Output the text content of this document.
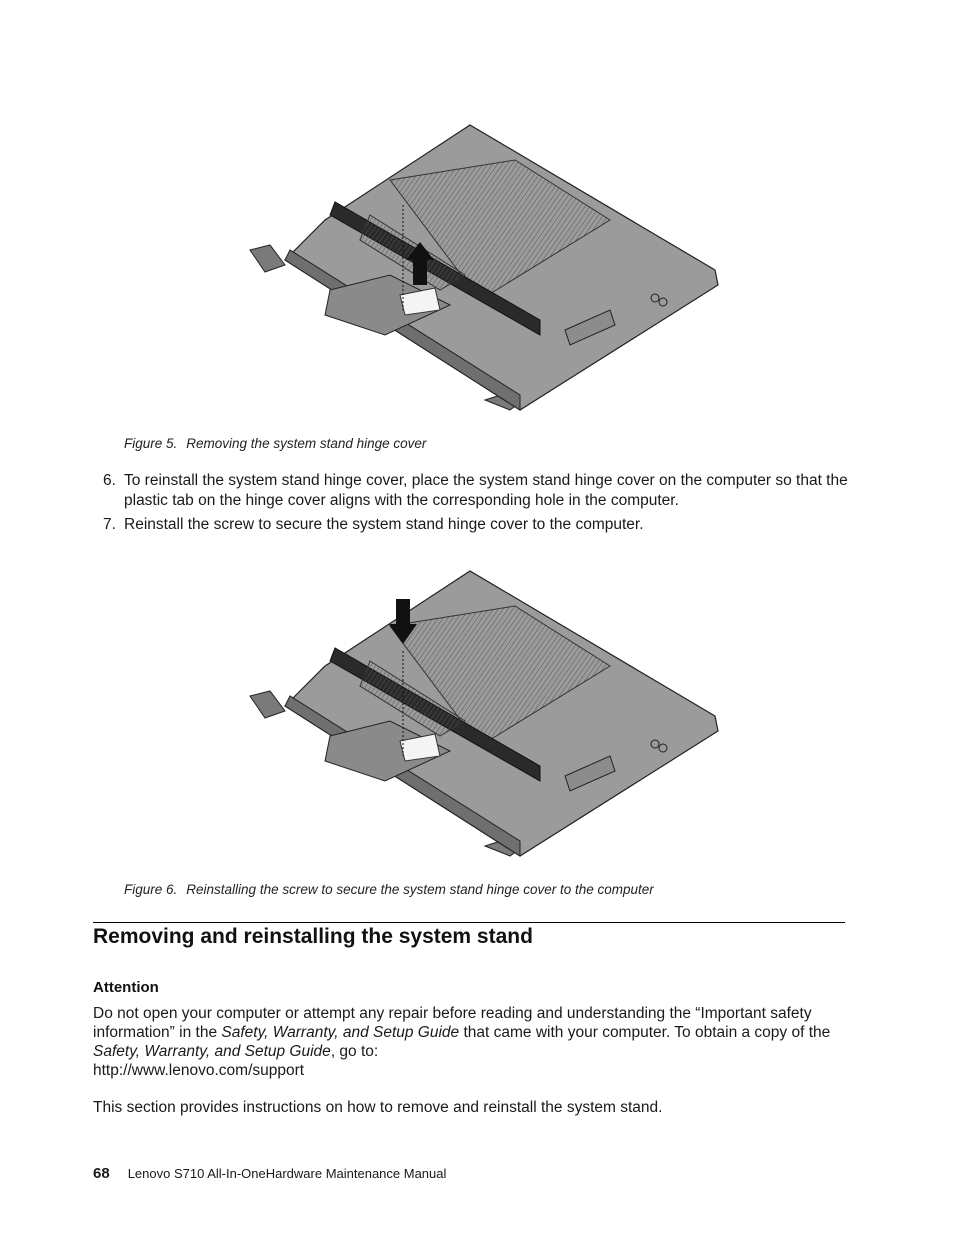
Figure 5. Removing the system stand hinge cover
6. To reinstall the system stand hinge cover, place the system stand hinge cover on the computer so that the plastic tab on the hinge cover aligns with the corresponding hole in the computer.
7. Reinstall the screw to secure the system stand hinge cover to the computer.
Figure 6. Reinstalling the screw to secure the system stand hinge cover to the computer
Removing and reinstalling the system stand
Attention

Do not open your computer or attempt any repair before reading and understanding the “Important safety information” in the Safety, Warranty, and Setup Guide that came with your computer. To obtain a copy of the Safety, Warranty, and Setup Guide, go to:

http://www.lenovo.com/support

This section provides instructions on how to remove and reinstall the system stand.

68 Lenovo S710 All-In-OneHardware Maintenance Manual
